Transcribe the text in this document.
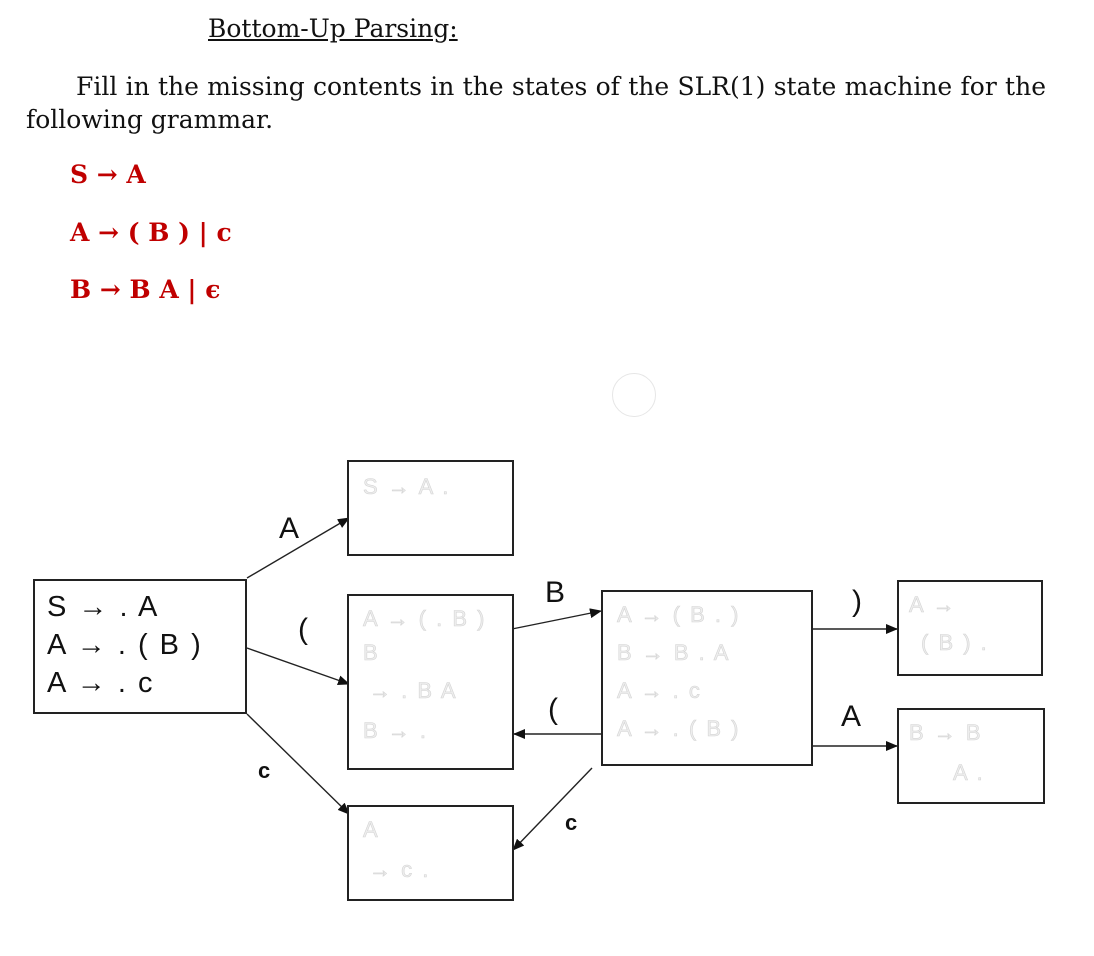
Bottom-Up Parsing:
Fill in the missing contents in the states of the SLR(1) state machine for the following grammar.
S → A
A → ( B ) | c
B → B A | ϵ
S → . A
A → . ( B )
A → . c
S → A .
A → ( . B )
B
→ . B A
B → .
A
→ c .
A → ( B . )
B → B . A
A → . c
A → . ( B )
A →
( B ) .
B → B
A .
A
(
c
B
(
c
)
A
